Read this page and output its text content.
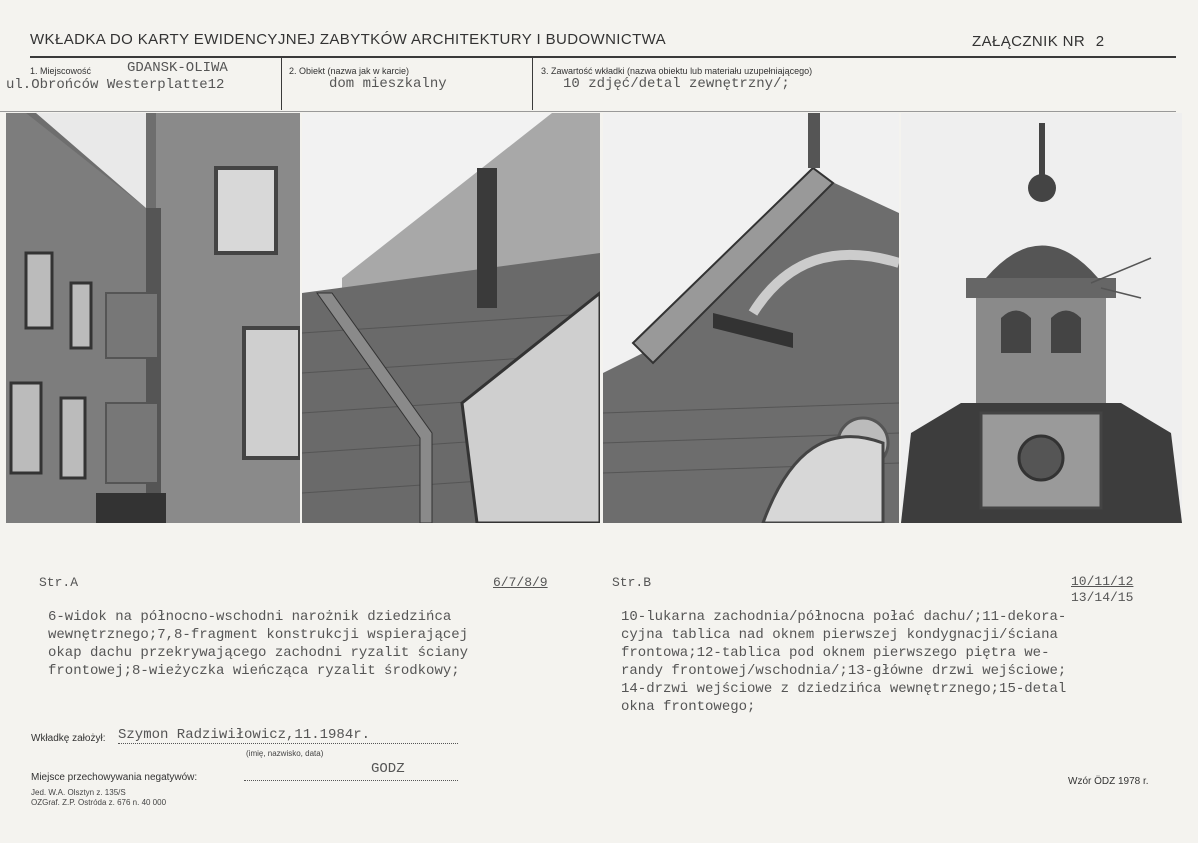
WKŁADKA DO KARTY EWIDENCYJNEJ ZABYTKÓW ARCHITEKTURY I BUDOWNICTWA	ZAŁĄCZNIK NR 2
1. Miejscowość	GDANSK-OLIWA
ul.Obrońców Westerplatte12
2. Obiekt (nazwa jak w karcie)
dom mieszkalny
3. Zawartość wkładki (nazwa obiektu lub materiału uzupełniającego)
10 zdjęć/detal zewnętrzny/;
Str.A	6/7/8/9
6-widok na północno-wschodni narożnik dziedzińca
wewnętrznego;7,8-fragment konstrukcji wspierającej
okap dachu przekrywającego zachodni ryzalit ściany
frontowej;8-wieżyczka wieńcząca ryzalit środkowy;
Str.B	10/11/12
13/14/15
10-lukarna zachodnia/północna połać dachu/;11-dekora-
cyjna tablica nad oknem pierwszej kondygnacji/ściana
frontowa;12-tablica pod oknem pierwszego piętra we-
randy frontowej/wschodnia/;13-główne drzwi wejściowe;
14-drzwi wejściowe z dziedzińca wewnętrznego;15-detal
okna frontowego;
Wkładkę założył: Szymon Radziwiłowicz,11.1984r.
(imię, nazwisko, data)
Miejsce przechowywania negatywów:
GODZ
Jed. W.A. Olsztyn z. 135/S
OZGraf. Z.P. Ostróda z. 676 n. 40 000
Wzór ÖDZ 1978 r.
